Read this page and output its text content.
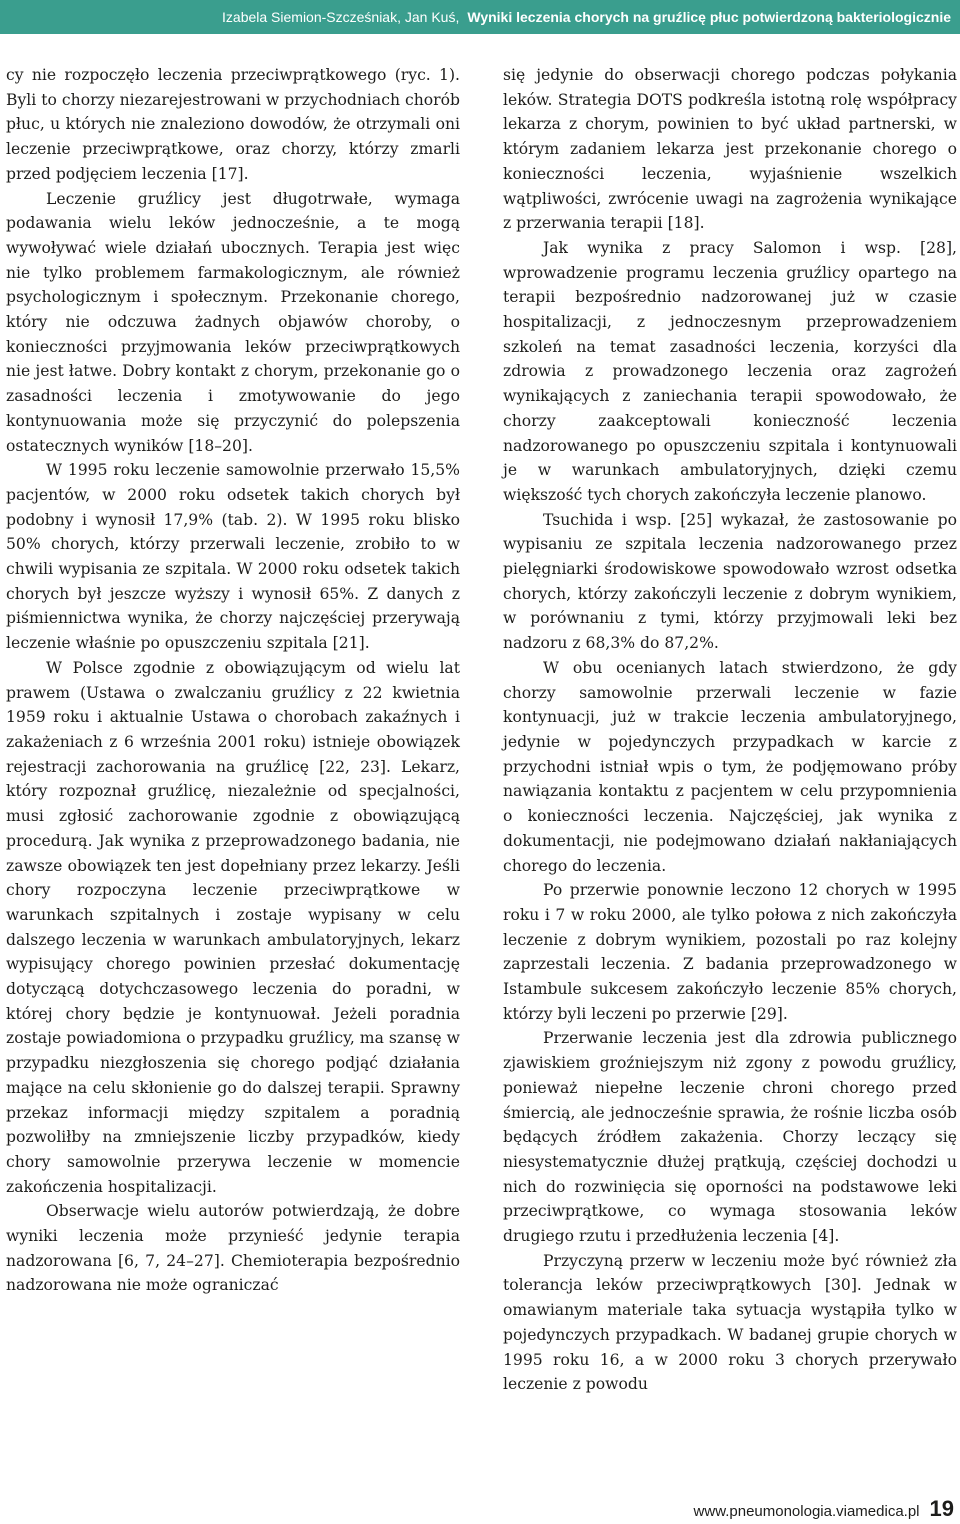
Izabela Siemion-Szcześniak, Jan Kuś, Wyniki leczenia chorych na gruźlicę płuc potwierdzoną bakteriologicznie

cy nie rozpoczęło leczenia przeciwprątkowego (ryc. 1). Byli to chorzy niezarejestrowani w przychodniach chorób płuc, u których nie znaleziono dowodów, że otrzymali oni leczenie przeciwprątkowe, oraz chorzy, którzy zmarli przed podjęciem leczenia [17].

Leczenie gruźlicy jest długotrwałe, wymaga podawania wielu leków jednocześnie, a te mogą wywoływać wiele działań ubocznych. Terapia jest więc nie tylko problemem farmakologicznym, ale również psychologicznym i społecznym. Przekonanie chorego, który nie odczuwa żadnych objawów choroby, o konieczności przyjmowania leków przeciwprątkowych nie jest łatwe. Dobry kontakt z chorym, przekonanie go o zasadności leczenia i zmotywowanie do jego kontynuowania może się przyczynić do polepszenia ostatecznych wyników [18–20].

W 1995 roku leczenie samowolnie przerwało 15,5% pacjentów, w 2000 roku odsetek takich chorych był podobny i wynosił 17,9% (tab. 2). W 1995 roku blisko 50% chorych, którzy przerwali leczenie, zrobiło to w chwili wypisania ze szpitala. W 2000 roku odsetek takich chorych był jeszcze wyższy i wynosił 65%. Z danych z piśmiennictwa wynika, że chorzy najczęściej przerywają leczenie właśnie po opuszczeniu szpitala [21].

W Polsce zgodnie z obowiązującym od wielu lat prawem (Ustawa o zwalczaniu gruźlicy z 22 kwietnia 1959 roku i aktualnie Ustawa o chorobach zakaźnych i zakażeniach z 6 września 2001 roku) istnieje obowiązek rejestracji zachorowania na gruźlicę [22, 23]. Lekarz, który rozpoznał gruźlicę, niezależnie od specjalności, musi zgłosić zachorowanie zgodnie z obowiązującą procedurą. Jak wynika z przeprowadzonego badania, nie zawsze obowiązek ten jest dopełniany przez lekarzy. Jeśli chory rozpoczyna leczenie przeciwprątkowe w warunkach szpitalnych i zostaje wypisany w celu dalszego leczenia w warunkach ambulatoryjnych, lekarz wypisujący chorego powinien przesłać dokumentację dotyczącą dotychczasowego leczenia do poradni, w której chory będzie je kontynuował. Jeżeli poradnia zostaje powiadomiona o przypadku gruźlicy, ma szansę w przypadku niezgłoszenia się chorego podjąć działania mające na celu skłonienie go do dalszej terapii. Sprawny przekaz informacji między szpitalem a poradnią pozwoliłby na zmniejszenie liczby przypadków, kiedy chory samowolnie przerywa leczenie w momencie zakończenia hospitalizacji.

Obserwacje wielu autorów potwierdzają, że dobre wyniki leczenia może przynieść jedynie terapia nadzorowana [6, 7, 24–27]. Chemioterapia bezpośrednio nadzorowana nie może ograniczać

się jedynie do obserwacji chorego podczas połykania leków. Strategia DOTS podkreśla istotną rolę współpracy lekarza z chorym, powinien to być układ partnerski, w którym zadaniem lekarza jest przekonanie chorego o konieczności leczenia, wyjaśnienie wszelkich wątpliwości, zwrócenie uwagi na zagrożenia wynikające z przerwania terapii [18].

Jak wynika z pracy Salomon i wsp. [28], wprowadzenie programu leczenia gruźlicy opartego na terapii bezpośrednio nadzorowanej już w czasie hospitalizacji, z jednoczesnym przeprowadzeniem szkoleń na temat zasadności leczenia, korzyści dla zdrowia z prowadzonego leczenia oraz zagrożeń wynikających z zaniechania terapii spowodowało, że chorzy zaakceptowali konieczność leczenia nadzorowanego po opuszczeniu szpitala i kontynuowali je w warunkach ambulatoryjnych, dzięki czemu większość tych chorych zakończyła leczenie planowo.

Tsuchida i wsp. [25] wykazał, że zastosowanie po wypisaniu ze szpitala leczenia nadzorowanego przez pielęgniarki środowiskowe spowodowało wzrost odsetka chorych, którzy zakończyli leczenie z dobrym wynikiem, w porównaniu z tymi, którzy przyjmowali leki bez nadzoru z 68,3% do 87,2%.

W obu ocenianych latach stwierdzono, że gdy chorzy samowolnie przerwali leczenie w fazie kontynuacji, już w trakcie leczenia ambulatoryjnego, jedynie w pojedynczych przypadkach w karcie z przychodni istniał wpis o tym, że podjęmowano próby nawiązania kontaktu z pacjentem w celu przypomnienia o konieczności leczenia. Najczęściej, jak wynika z dokumentacji, nie podejmowano działań nakłaniających chorego do leczenia.

Po przerwie ponownie leczono 12 chorych w 1995 roku i 7 w roku 2000, ale tylko połowa z nich zakończyła leczenie z dobrym wynikiem, pozostali po raz kolejny zaprzestali leczenia. Z badania przeprowadzonego w Istambule sukcesem zakończyło leczenie 85% chorych, którzy byli leczeni po przerwie [29].

Przerwanie leczenia jest dla zdrowia publicznego zjawiskiem groźniejszym niż zgony z powodu gruźlicy, ponieważ niepełne leczenie chroni chorego przed śmiercią, ale jednocześnie sprawia, że rośnie liczba osób będących źródłem zakażenia. Chorzy leczący się niesystematycznie dłużej prątkują, częściej dochodzi u nich do rozwinięcia się oporności na podstawowe leki przeciwprątkowe, co wymaga stosowania leków drugiego rzutu i przedłużenia leczenia [4].

Przyczyną przerw w leczeniu może być również zła tolerancja leków przeciwprątkowych [30]. Jednak w omawianym materiale taka sytuacja wystąpiła tylko w pojedynczych przypadkach. W badanej grupie chorych w 1995 roku 16, a w 2000 roku 3 chorych przerywało leczenie z powodu

www.pneumonologia.viamedica.pl 19
